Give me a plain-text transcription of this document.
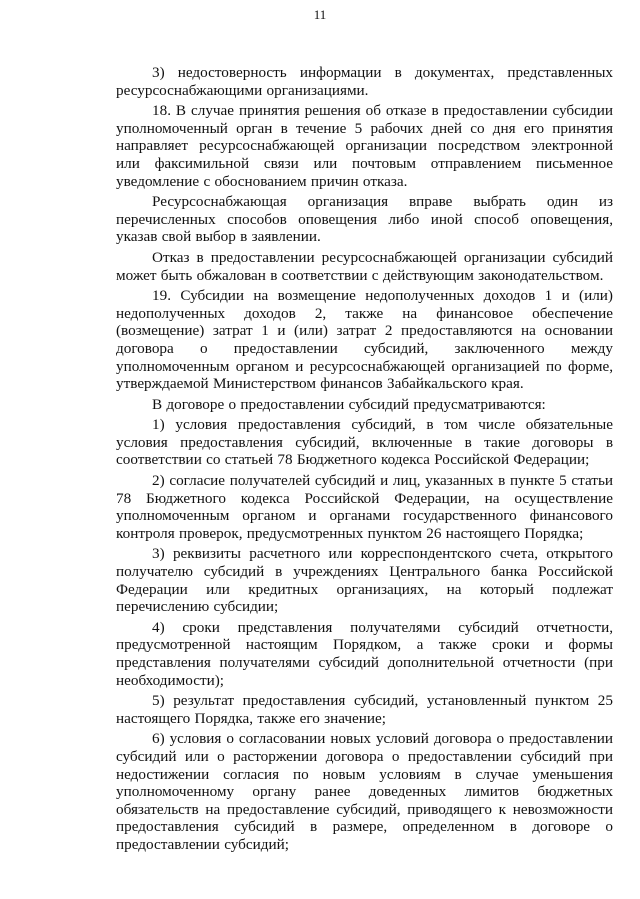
11

3) недостоверность информации в документах, представленных ресурсоснабжающими организациями.

18. В случае принятия решения об отказе в предоставлении субсидии уполномоченный орган в течение 5 рабочих дней со дня его принятия направляет ресурсоснабжающей организации посредством электронной или факсимильной связи или почтовым отправлением письменное уведомление с обоснованием причин отказа.

Ресурсоснабжающая организация вправе выбрать один из перечисленных способов оповещения либо иной способ оповещения, указав свой выбор в заявлении.

Отказ в предоставлении ресурсоснабжающей организации субсидий может быть обжалован в соответствии с действующим законодательством.

19. Субсидии на возмещение недополученных доходов 1 и (или) недополученных доходов 2, также на финансовое обеспечение (возмещение) затрат 1 и (или) затрат 2 предоставляются на основании договора о предоставлении субсидий, заключенного между уполномоченным органом и ресурсоснабжающей организацией по форме, утверждаемой Министерством финансов Забайкальского края.

В договоре о предоставлении субсидий предусматриваются:

1) условия предоставления субсидий, в том числе обязательные условия предоставления субсидий, включенные в такие договоры в соответствии со статьей 78 Бюджетного кодекса Российской Федерации;

2) согласие получателей субсидий и лиц, указанных в пункте 5 статьи 78 Бюджетного кодекса Российской Федерации, на осуществление уполномоченным органом и органами государственного финансового контроля проверок, предусмотренных пунктом 26 настоящего Порядка;

3) реквизиты расчетного или корреспондентского счета, открытого получателю субсидий в учреждениях Центрального банка Российской Федерации или кредитных организациях, на который подлежат перечислению субсидии;

4) сроки представления получателями субсидий отчетности, предусмотренной настоящим Порядком, а также сроки и формы представления получателями субсидий дополнительной отчетности (при необходимости);

5) результат предоставления субсидий, установленный пунктом 25 настоящего Порядка, также его значение;

6) условия о согласовании новых условий договора о предоставлении субсидий или о расторжении договора о предоставлении субсидий при недостижении согласия по новым условиям в случае уменьшения уполномоченному органу ранее доведенных лимитов бюджетных обязательств на предоставление субсидий, приводящего к невозможности предоставления субсидий в размере, определенном в договоре о предоставлении субсидий;
